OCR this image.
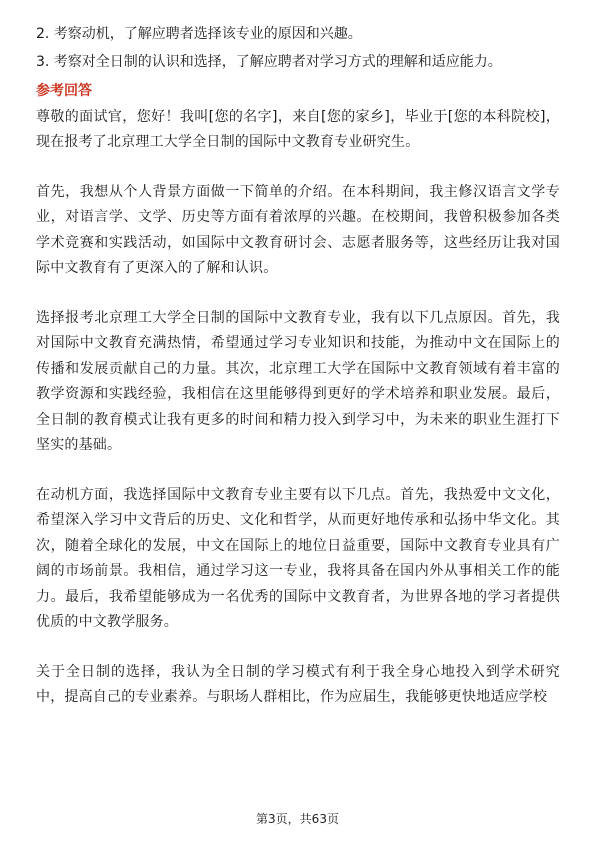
2. 考察动机，了解应聘者选择该专业的原因和兴趣。

3. 考察对全日制的认识和选择，了解应聘者对学习方式的理解和适应能力。

参考回答

尊敬的面试官，您好！我叫[您的名字]，来自[您的家乡]，毕业于[您的本科院校]，现在报考了北京理工大学全日制的国际中文教育专业研究生。

首先，我想从个人背景方面做一下简单的介绍。在本科期间，我主修汉语言文学专业，对语言学、文学、历史等方面有着浓厚的兴趣。在校期间，我曾积极参加各类学术竞赛和实践活动，如国际中文教育研讨会、志愿者服务等，这些经历让我对国际中文教育有了更深入的了解和认识。

选择报考北京理工大学全日制的国际中文教育专业，我有以下几点原因。首先，我对国际中文教育充满热情，希望通过学习专业知识和技能，为推动中文在国际上的传播和发展贡献自己的力量。其次，北京理工大学在国际中文教育领域有着丰富的教学资源和实践经验，我相信在这里能够得到更好的学术培养和职业发展。最后，全日制的教育模式让我有更多的时间和精力投入到学习中，为未来的职业生涯打下坚实的基础。

在动机方面，我选择国际中文教育专业主要有以下几点。首先，我热爱中文文化，希望深入学习中文背后的历史、文化和哲学，从而更好地传承和弘扬中华文化。其次，随着全球化的发展，中文在国际上的地位日益重要，国际中文教育专业具有广阔的市场前景。我相信，通过学习这一专业，我将具备在国内外从事相关工作的能力。最后，我希望能够成为一名优秀的国际中文教育者，为世界各地的学习者提供优质的中文教学服务。

关于全日制的选择，我认为全日制的学习模式有利于我全身心地投入到学术研究中，提高自己的专业素养。与职场人群相比，作为应届生，我能够更快地适应学校

第3页，共63页
